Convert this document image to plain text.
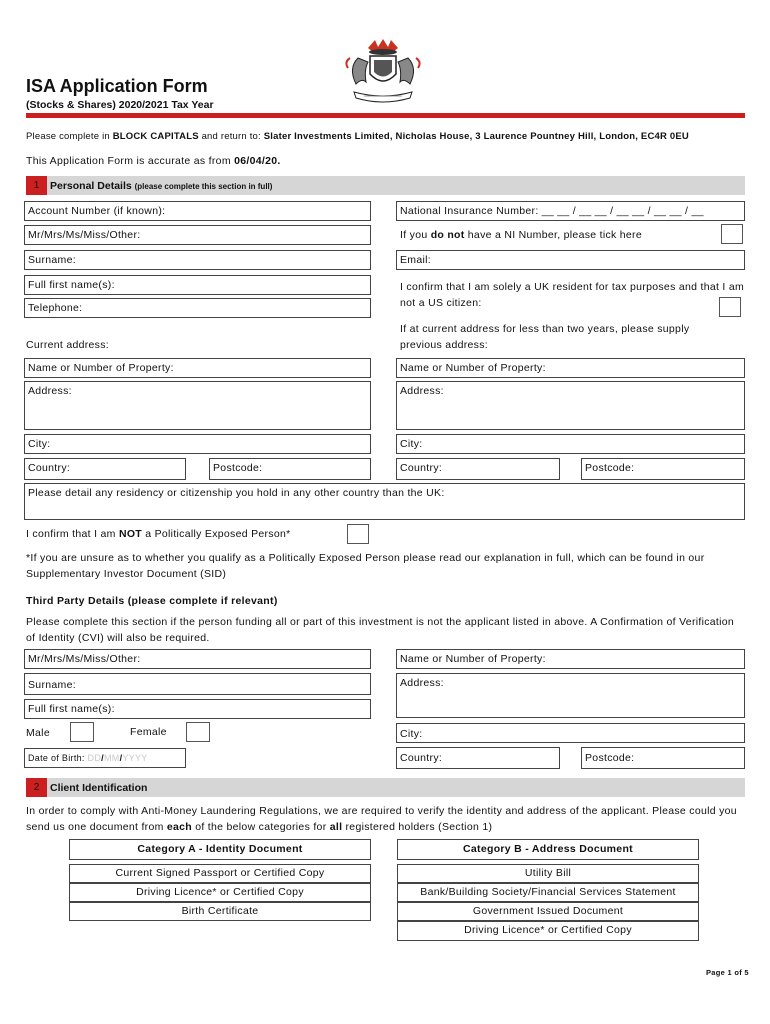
ISA Application Form
(Stocks & Shares) 2020/2021 Tax Year
Please complete in BLOCK CAPITALS and return to: Slater Investments Limited, Nicholas House, 3 Laurence Pountney Hill, London, EC4R 0EU
This Application Form is accurate as from 06/04/20.
1	Personal Details (please complete this section in full)
Account Number (if known):
Mr/Mrs/Ms/Miss/Other:
Surname:
Full first name(s):
Telephone:
Current address:
National Insurance Number: __ __ / __ __ / __ __ / __ __ / __
If you do not have a NI Number, please tick here
Email:
I confirm that I am solely a UK resident for tax purposes and that I am not a US citizen:
If at current address for less than two years, please supply previous address:
Name or Number of Property:	Name or Number of Property:
Address:	Address:
City:	City:
Country:	Postcode:	Country:	Postcode:
Please detail any residency or citizenship you hold in any other country than the UK:
I confirm that I am NOT a Politically Exposed Person*
*If you are unsure as to whether you qualify as a Politically Exposed Person please read our explanation in full, which can be found in our Supplementary Investor Document (SID)
Third Party Details (please complete if relevant)
Please complete this section if the person funding all or part of this investment is not the applicant listed in above. A Confirmation of Verification of Identity (CVI) will also be required.
Mr/Mrs/Ms/Miss/Other:
Surname:
Full first name(s):
Male	Female
Date of Birth: DD/MM/YYYY
Name or Number of Property:
Address:
City:
Country:	Postcode:
2	Client Identification
In order to comply with Anti-Money Laundering Regulations, we are required to verify the identity and address of the applicant. Please could you send us one document from each of the below categories for all registered holders (Section 1)
Category A - Identity Document
Current Signed Passport or Certified Copy
Driving Licence* or Certified Copy
Birth Certificate
Category B - Address Document
Utility Bill
Bank/Building Society/Financial Services Statement
Government Issued Document
Driving Licence* or Certified Copy
Page 1 of 5
